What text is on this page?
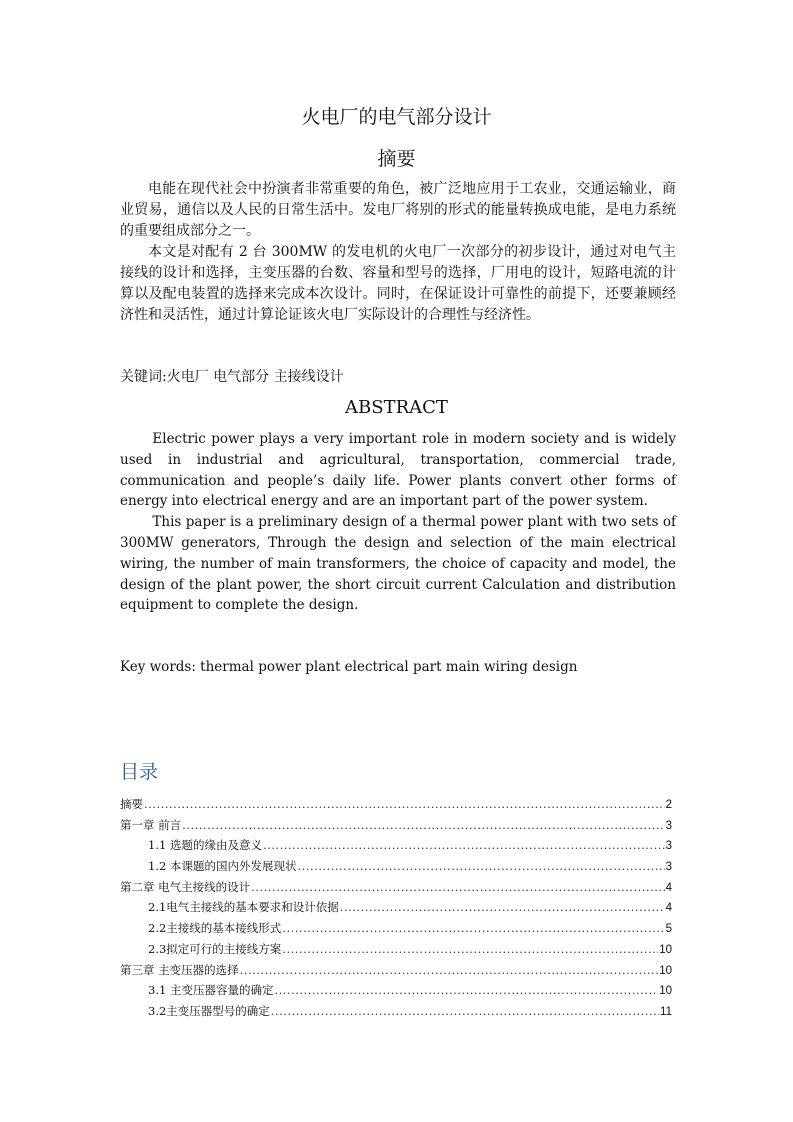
火电厂的电气部分设计
摘要

电能在现代社会中扮演者非常重要的角色，被广泛地应用于工农业，交通运输业，商业贸易，通信以及人民的日常生活中。发电厂将别的形式的能量转换成电能，是电力系统的重要组成部分之一。

本文是对配有 2 台 300MW 的发电机的火电厂一次部分的初步设计，通过对电气主接线的设计和选择，主变压器的台数、容量和型号的选择，厂用电的设计，短路电流的计算以及配电装置的选择来完成本次设计。同时，在保证设计可靠性的前提下，还要兼顾经济性和灵活性，通过计算论证该火电厂实际设计的合理性与经济性。

关键词:火电厂 电气部分 主接线设计
ABSTRACT

Electric power plays a very important role in modern society and is widely used in industrial and agricultural, transportation, commercial trade, communication and people’s daily life. Power plants convert other forms of energy into electrical energy and are an important part of the power system.

This paper is a preliminary design of a thermal power plant with two sets of 300MW generators, Through the design and selection of the main electrical wiring, the number of main transformers, the choice of capacity and model, the design of the plant power, the short circuit current Calculation and distribution equipment to complete the design.

Key words: thermal power plant electrical part main wiring design
目录
摘要 .....	2
第一章 前言 .....	3
1.1 选题的缘由及意义 .....	3
1.2 本课题的国内外发展现状 .....	3
第二章 电气主接线的设计 .....	4
2.1电气主接线的基本要求和设计依据 .....	4
2.2主接线的基本接线形式 .....	5
2.3拟定可行的主接线方案 .....	10
第三章 主变压器的选择 .....	10
3.1 主变压器容量的确定 .....	10
3.2主变压器型号的确定 .....	11
